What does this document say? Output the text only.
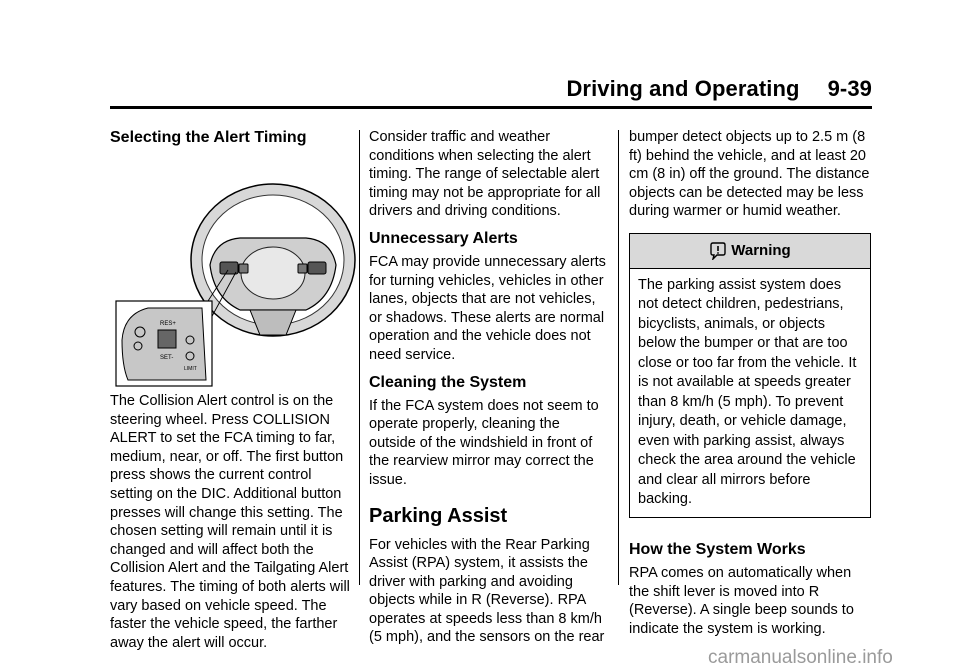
Driving and Operating 9-39
Selecting the Alert Timing
RES+
SET-
LIMIT

The Collision Alert control is on the steering wheel. Press COLLISION ALERT to set the FCA timing to far, medium, near, or off. The first button press shows the current control setting on the DIC. Additional button presses will change this setting. The chosen setting will remain until it is changed and will affect both the Collision Alert and the Tailgating Alert features. The timing of both alerts will vary based on vehicle speed. The faster the vehicle speed, the farther away the alert will occur.

Consider traffic and weather conditions when selecting the alert timing. The range of selectable alert timing may not be appropriate for all drivers and driving conditions.

Unnecessary Alerts

FCA may provide unnecessary alerts for turning vehicles, vehicles in other lanes, objects that are not vehicles, or shadows. These alerts are normal operation and the vehicle does not need service.

Cleaning the System

If the FCA system does not seem to operate properly, cleaning the outside of the windshield in front of the rearview mirror may correct the issue.

Parking Assist

For vehicles with the Rear Parking Assist (RPA) system, it assists the driver with parking and avoiding objects while in R (Reverse). RPA operates at speeds less than 8 km/h (5 mph), and the sensors on the rear

bumper detect objects up to 2.5 m (8 ft) behind the vehicle, and at least 20 cm (8 in) off the ground. The distance objects can be detected may be less during warmer or humid weather.

Warning
The parking assist system does not detect children, pedestrians, bicyclists, animals, or objects below the bumper or that are too close or too far from the vehicle. It is not available at speeds greater than 8 km/h (5 mph). To prevent injury, death, or vehicle damage, even with parking assist, always check the area around the vehicle and clear all mirrors before backing.
How the System Works

RPA comes on automatically when the shift lever is moved into R (Reverse). A single beep sounds to indicate the system is working.

carmanualsonline.info
